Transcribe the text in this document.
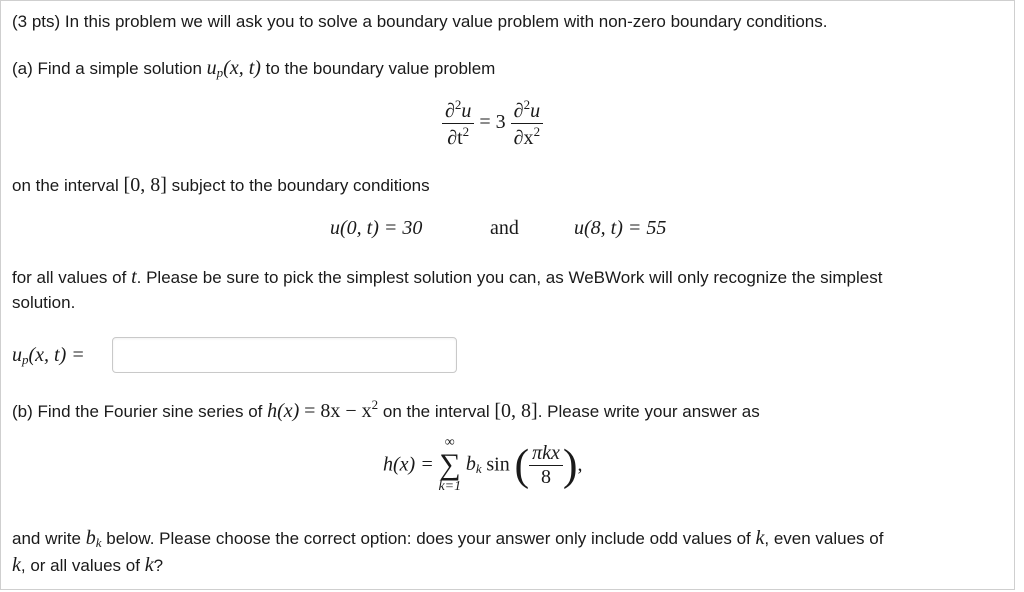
(3 pts) In this problem we will ask you to solve a boundary value problem with non-zero boundary conditions.
(a) Find a simple solution $u_p(x$, t) to the boundary value problem
$\frac{\partial^2u}{\partial t^2} = 3 \frac{\partial^2u}{\partial x^2}$
on the interval [0, 8] subject to the boundary conditions
u(0, t) = 30	and	u(8, t) = 55
for all values of t. Please be sure to pick the simplest solution you can, as WeBWork will only recognize the simplest
solution.
$u_p(x$, t) =
(b) Find the Fourier sine series of $h(x) = 8x - x^2$ on the interval [0, 8]. Please write your answer as
h(x) =
∞
∑
k=1
$b_k$ sin ( $\frac{\text{πkx}}{8}$ ),
and write $b_k$ below. Please choose the correct option: does your answer only include odd values of k, even values of
k, or all values of k?
